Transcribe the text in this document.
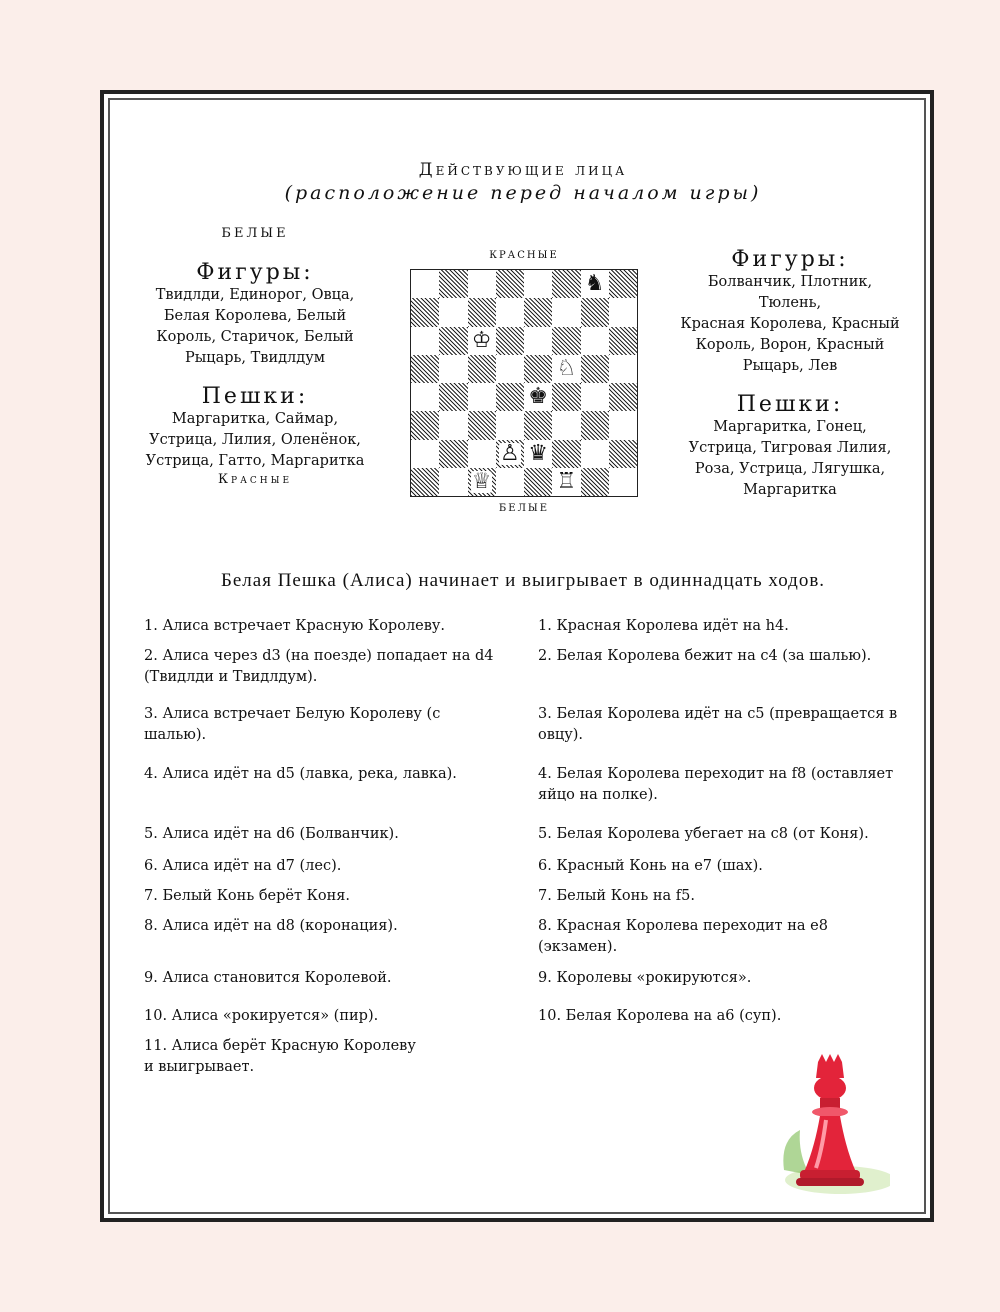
Действующие лица
(расположение перед началом игры)
БЕЛЫЕ
Фигуры:
Твидлди, Единорог, Овца,
Белая Королева, Белый
Король, Старичок, Белый
Рыцарь, Твидлдум
Пешки:
Маргаритка, Саймар,
Устрица, Лилия, Оленёнок,
Устрица, Гатто, Маргаритка
Красные
КРАСНЫЕ
♞
♔
♘
♚
♙ ♛
♕	♖
БЕЛЫЕ
Фигуры:
Болванчик, Плотник,
Тюлень,
Красная Королева, Красный
Король, Ворон, Красный
Рыцарь, Лев
Пешки:
Маргаритка, Гонец,
Устрица, Тигровая Лилия,
Роза, Устрица, Лягушка,
Маргаритка
Белая Пешка (Алиса) начинает и выигрывает в одиннадцать ходов.
1. Алиса встречает Красную Королеву.
2. Алиса через d3 (на поезде) попадает на d4 (Твидлди и Твидлдум).
3. Алиса встречает Белую Королеву (с шалью).
4. Алиса идёт на d5 (лавка, река, лавка).
5. Алиса идёт на d6 (Болванчик).
6. Алиса идёт на d7 (лес).
7. Белый Конь берёт Коня.
8. Алиса идёт на d8 (коронация).
9. Алиса становится Королевой.
10. Алиса «рокируется» (пир).
11. Алиса берёт Красную Королеву и выигрывает.
1. Красная Королева идёт на h4.
2. Белая Королева бежит на c4 (за шалью).
3. Белая Королева идёт на c5 (превращается в овцу).
4. Белая Королева переходит на f8 (оставляет яйцо на полке).
5. Белая Королева убегает на c8 (от Коня).
6. Красный Конь на e7 (шах).
7. Белый Конь на f5.
8. Красная Королева переходит на e8 (экзамен).
9. Королевы «рокируются».
10. Белая Королева на a6 (суп).
